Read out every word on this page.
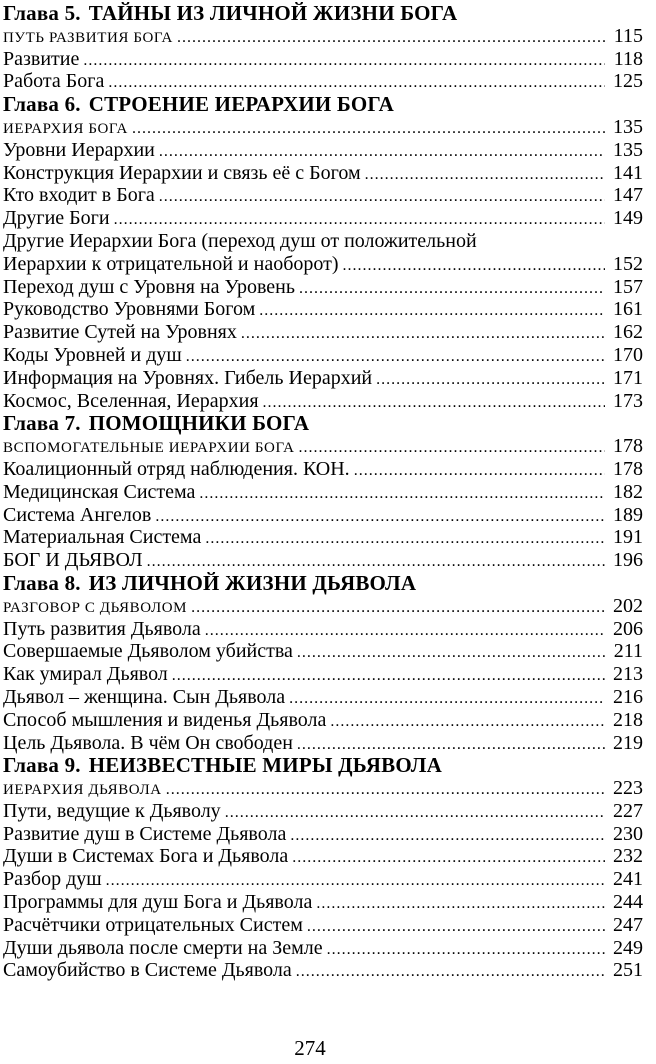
Глава 5. ТАЙНЫ ИЗ ЛИЧНОЙ ЖИЗНИ БОГА
ПУТЬ РАЗВИТИЯ БОГА .....	115
Развитие .....	118
Работа Бога .....	125
Глава 6. СТРОЕНИЕ ИЕРАРХИИ БОГА
ИЕРАРХИЯ БОГА .....	135
Уровни Иерархии .....	135
Конструкция Иерархии и связь её с Богом .....	141
Кто входит в Бога .....	147
Другие Боги .....	149
Другие Иерархии Бога (переход душ от положительной
Иерархии к отрицательной и наоборот) .....	152
Переход душ с Уровня на Уровень .....	157
Руководство Уровнями Богом .....	161
Развитие Сутей на Уровнях .....	162
Коды Уровней и душ .....	170
Информация на Уровнях. Гибель Иерархий .....	171
Космос, Вселенная, Иерархия .....	173
Глава 7. ПОМОЩНИКИ БОГА
ВСПОМОГАТЕЛЬНЫЕ ИЕРАРХИИ БОГА .....	178
Коалиционный отряд наблюдения. КОН. .....	178
Медицинская Система .....	182
Система Ангелов .....	189
Материальная Система .....	191
БОГ И ДЬЯВОЛ .....	196
Глава 8. ИЗ ЛИЧНОЙ ЖИЗНИ ДЬЯВОЛА
РАЗГОВОР С ДЬЯВОЛОМ .....	202
Путь развития Дьявола .....	206
Совершаемые Дьяволом убийства .....	211
Как умирал Дьявол .....	213
Дьявол – женщина. Сын Дьявола .....	216
Способ мышления и виденья Дьявола .....	218
Цель Дьявола. В чём Он свободен .....	219
Глава 9. НЕИЗВЕСТНЫЕ МИРЫ ДЬЯВОЛА
ИЕРАРХИЯ ДЬЯВОЛА .....	223
Пути, ведущие к Дьяволу .....	227
Развитие душ в Системе Дьявола .....	230
Души в Системах Бога и Дьявола .....	232
Разбор душ .....	241
Программы для душ Бога и Дьявола .....	244
Расчётчики отрицательных Систем .....	247
Души дьявола после смерти на Земле .....	249
Самоубийство в Системе Дьявола .....	251
274
